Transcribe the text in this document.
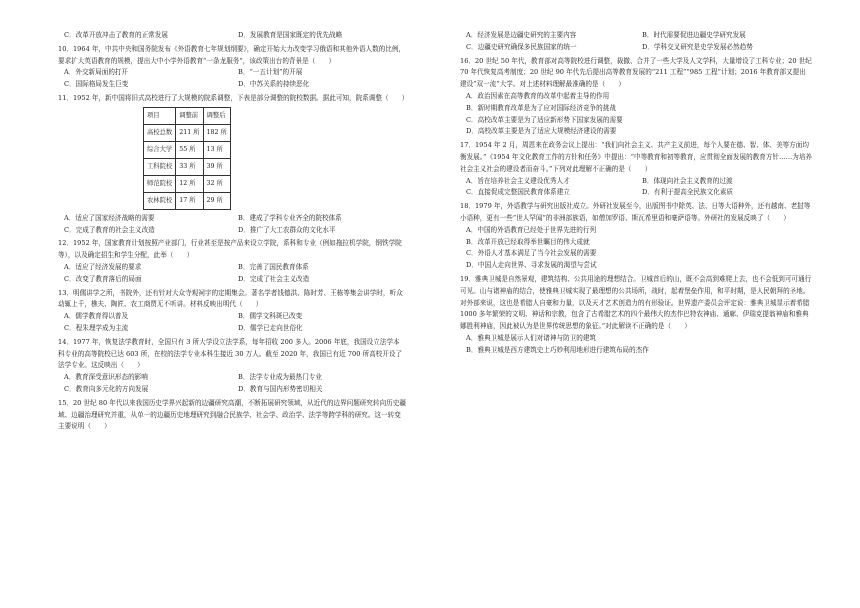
C．改革开放冲击了教育的正常发展	D．发展教育是国家既定的优先战略
10．1964 年，中共中央和国务院发布《外语教育七年规划纲要》，确定开始大力改变学习俄语和其他外语人数的比例，要求扩大英语教育的规模，提出大中小学外语教育“一条龙服务”，该政策出台的背景是（　　）
A．外交新局面的打开	B．“一五计划”的开展
C．国际格局发生巨变	D．中苏关系的持续恶化
11．1952 年，新中国将旧式高校进行了大规模的院系调整，下表是部分调整的院校数据。据此可知，院系调整（　　）
项目	调整前	调整后
高校总数	211 所	182 所
综合大学	55 所	13 所
工科院校	33 所	39 所
师范院校	12 所	32 所
农林院校	17 所	29 所
A．适应了国家经济战略的需要	B．建成了学科专业齐全的院校体系
C．完成了教育的社会主义改造	D．推广了大工农群众的文化水平
12．1952 年，国家教育计划按照产业部门，行业甚至是按产品来设立学院，系科和专业（例如拖拉机学院，钢铁学院等），以及确定招生和学生分配，此举（　　）
A．适应了经济发展的要求	B．完善了国民教育体系
C．改变了教育落后的局面	D．完成了社会主义改造
13．明儒讲学之所，书院外，还有针对大众寺观祠宇的定期集会。著名学者钱德洪、陈时芳、王栋等集会讲学时，听众动辄上千，樵夫、陶匠、农工商贾无不听讲。材料反映出明代（　　）
A．儒学教育得以普及	B．儒学文科斑已改变
C．程朱理学成为主流	D．儒学已走向世俗化
14．1977 年，恢复法学教育时，全国只有 3 所大学设立法学系，每年招收 200 多人。2006 年底，我国设立法学本科专业的高等院校已达 603 所，在校的法学专业本科生接近 30 万人。截至 2020 年，我国已有近 700 所高校开设了法学专业。这反映出（　　）
A．教育深受意识形态的影响	B．法学专业成为最热门专业
C．教育向多元化的方向发展	D．教育与国内形势密切相关
15．20 世纪 80 年代以来我国历史学界兴起新的边疆研究高潮，不断拓展研究领域，从近代的边界问题研究转向历史疆域、边疆治理研究并重，从单一的边疆历史地理研究到融合民族学、社会学、政治学、法学等跨学科的研究。这一转变主要说明（　　）
A．经济发展是边疆史研究的主要内容	B．时代需要促进边疆史学研究发展
C．边疆史研究确保多民族国家的统一	D．学科交叉研究是史学发展必然趋势
16．20 世纪 50 年代，教育部对高等院校进行调整，裁撤、合并了一些大学及人文学科，大量增设了工科专业；20 世纪 70 年代恢复高考制度；20 世纪 90 年代先后提出高等教育发展的“211 工程”“985 工程”计划；2016 年教育部又提出建设“双一流”大学。对上述材料理解最准确的是（　　）
A．政治因素在高等教育的改革中起着主导的作用
B．新时期教育改革是为了应对国际经济竞争的挑战
C．高校改革主要是为了适应新形势下国家发展的需要
D．高校改革主要是为了适应大规模经济建设的需要
17．1954 年 2 月，周恩来在政务会议上提出：“我们向社会主义、共产主义前进，每个人要在德、智、体、美等方面均衡发展。”《1954 年文化教育工作的方针和任务》中提出：“中等教育和初等教育，应贯彻全面发展的教育方针……为培养社会主义社会的建设者而奋斗。”下列对此理解不正确的是（　　）
A．旨在培养社会主义建设优秀人才	B．体现向社会主义教育的过渡
C．直接促成完整国民教育体系建立	D．有利于提高全民族文化素质
18．1979 年，外语教学与研究出版社成立。外研社发展至今，出版图书中除英、法、日等大语种外，还有越南、老挝等小语种，更有一些“世人罕闻”的非洲部族语，如僧加罗语、斯瓦希里语和豪萨语等。外研社的发展反映了（　　）
A．中国的外语教育已经处于世界先进的行列
B．改革开放已经取得举世瞩目的伟大成就
C．外语人才基本满足了当今社会发展的需要
D．中国人走向世界、寻求发展的渴望与尝试
19．雅典卫城是自然景观，建筑结构、公共用途的理想结合。卫城首后的山，既不会高到难爬上去，也不会低到可可通行可见。山与诸神庙的结合，使雅典卫城实现了最理想的公共场所，战时，起着堡垒作用，和平时期，是人民朝拜的圣地。对外部来说，这也是希腊人自豪和力量，以及天才艺术创造力的有形验证。世界遗产委员会评定说：雅典卫城显示着希腊 1000 多年繁荣的文明、神话和宗教，包含了古希腊艺术的四个最伟大的杰作巴特农神庙、通廊、伊瑞克提翁神庙和雅典娜胜利神庙，因此被认为是世界传统思想的象征。”对此解读不正确的是（　　）
A．雅典卫城是展示人们对诸神与防卫的建筑
B．雅典卫城是西方建筑史上巧妙利用地形进行建筑布局的杰作
